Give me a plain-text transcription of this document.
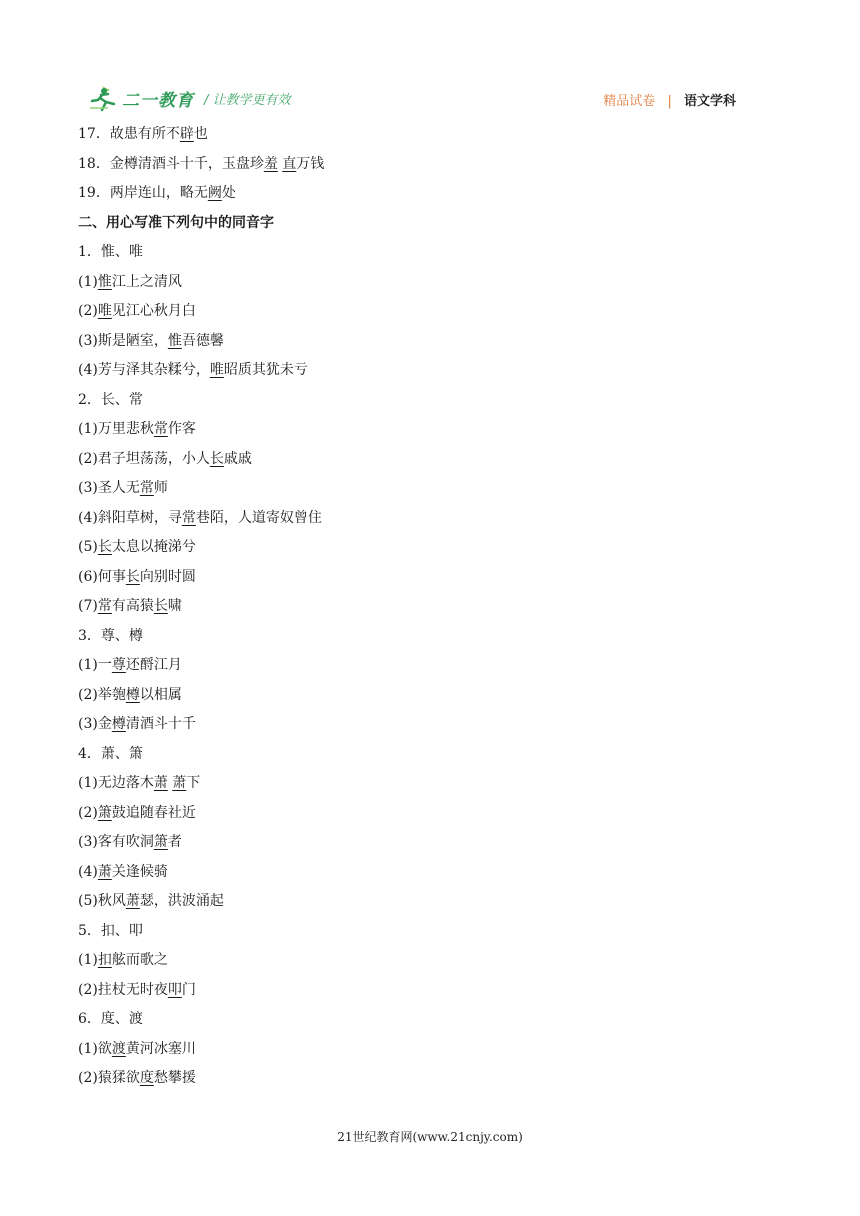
二一教育 / 让教学更有效	精品试卷 | 语文学科
17．故患有所不辟也
18．金樽清酒斗十千，玉盘珍羞 直万钱
19．两岸连山，略无阙处
二、用心写准下列句中的同音字
1．惟、唯
(1)惟江上之清风
(2)唯见江心秋月白
(3)斯是陋室，惟吾德馨
(4)芳与泽其杂糅兮，唯昭质其犹未亏
2．长、常
(1)万里悲秋常作客
(2)君子坦荡荡，小人长戚戚
(3)圣人无常师
(4)斜阳草树，寻常巷陌，人道寄奴曾住
(5)长太息以掩涕兮
(6)何事长向别时圆
(7)常有高猿长啸
3．尊、樽
(1)一尊还酹江月
(2)举匏樽以相属
(3)金樽清酒斗十千
4．萧、箫
(1)无边落木萧 萧下
(2)箫鼓追随春社近
(3)客有吹洞箫者
(4)萧关逢候骑
(5)秋风萧瑟，洪波涌起
5．扣、叩
(1)扣舷而歌之
(2)拄杖无时夜叩门
6．度、渡
(1)欲渡黄河冰塞川
(2)猿猱欲度愁攀援
21世纪教育网(www.21cnjy.com)
